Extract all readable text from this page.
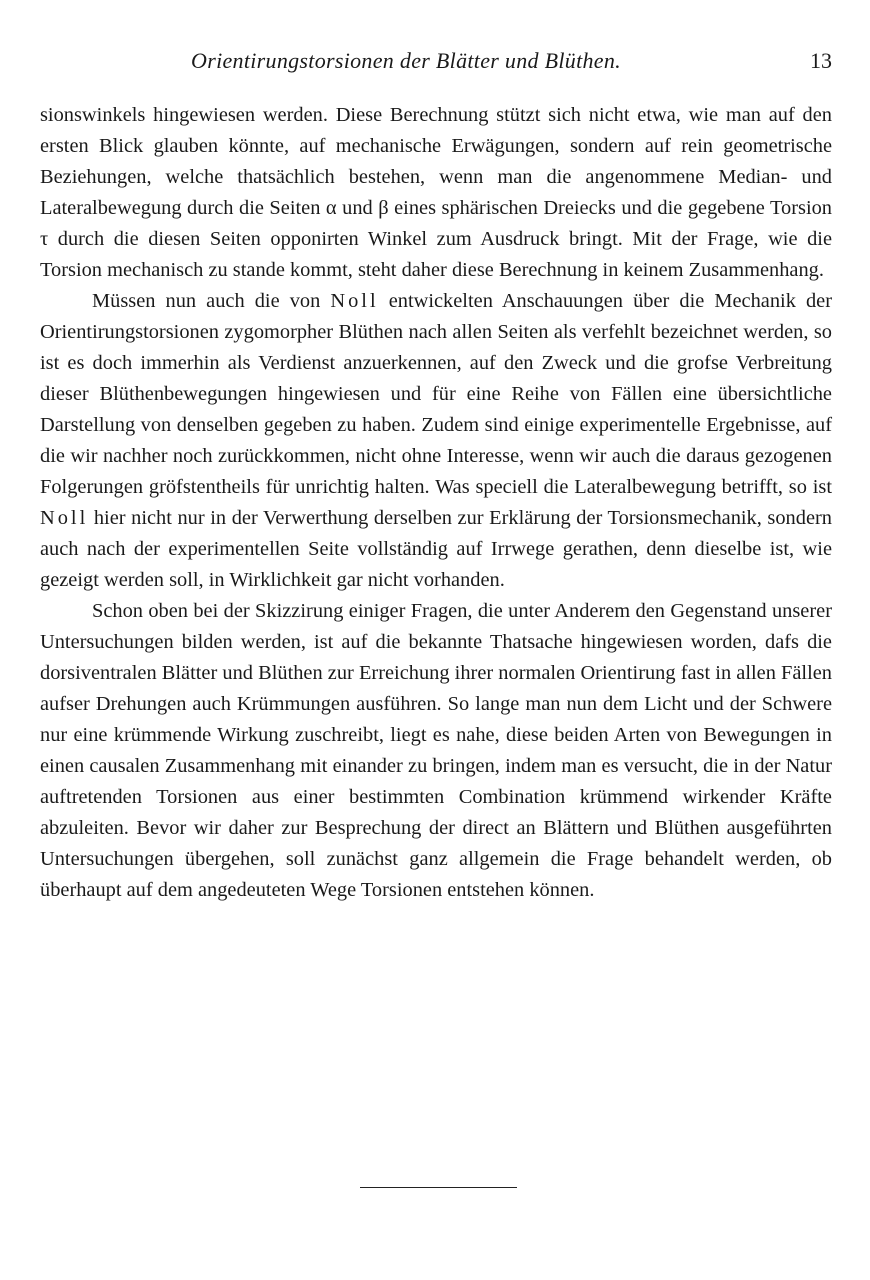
Orientirungstorsionen der Blätter und Blüthen.	13

sionswinkels hingewiesen werden. Diese Berechnung stützt sich nicht etwa, wie man auf den ersten Blick glauben könnte, auf mechanische Erwägungen, sondern auf rein geometrische Beziehungen, welche thatsächlich bestehen, wenn man die angenommene Median- und Lateralbewegung durch die Seiten α und β eines sphärischen Dreiecks und die gegebene Torsion τ durch die diesen Seiten opponirten Winkel zum Ausdruck bringt. Mit der Frage, wie die Torsion mechanisch zu stande kommt, steht daher diese Berechnung in keinem Zusammenhang.

Müssen nun auch die von Noll entwickelten Anschauungen über die Mechanik der Orientirungstorsionen zygomorpher Blüthen nach allen Seiten als verfehlt bezeichnet werden, so ist es doch immerhin als Verdienst anzuerkennen, auf den Zweck und die grofse Verbreitung dieser Blüthenbewegungen hingewiesen und für eine Reihe von Fällen eine übersichtliche Darstellung von denselben gegeben zu haben. Zudem sind einige experimentelle Ergebnisse, auf die wir nachher noch zurückkommen, nicht ohne Interesse, wenn wir auch die daraus gezogenen Folgerungen gröfstentheils für unrichtig halten. Was speciell die Lateralbewegung betrifft, so ist Noll hier nicht nur in der Verwerthung derselben zur Erklärung der Torsionsmechanik, sondern auch nach der experimentellen Seite vollständig auf Irrwege gerathen, denn dieselbe ist, wie gezeigt werden soll, in Wirklichkeit gar nicht vorhanden.

Schon oben bei der Skizzirung einiger Fragen, die unter Anderem den Gegenstand unserer Untersuchungen bilden werden, ist auf die bekannte Thatsache hingewiesen worden, dafs die dorsiventralen Blätter und Blüthen zur Erreichung ihrer normalen Orientirung fast in allen Fällen aufser Drehungen auch Krümmungen ausführen. So lange man nun dem Licht und der Schwere nur eine krümmende Wirkung zuschreibt, liegt es nahe, diese beiden Arten von Bewegungen in einen causalen Zusammenhang mit einander zu bringen, indem man es versucht, die in der Natur auftretenden Torsionen aus einer bestimmten Combination krümmend wirkender Kräfte abzuleiten. Bevor wir daher zur Besprechung der direct an Blättern und Blüthen ausgeführten Untersuchungen übergehen, soll zunächst ganz allgemein die Frage behandelt werden, ob überhaupt auf dem angedeuteten Wege Torsionen entstehen können.
